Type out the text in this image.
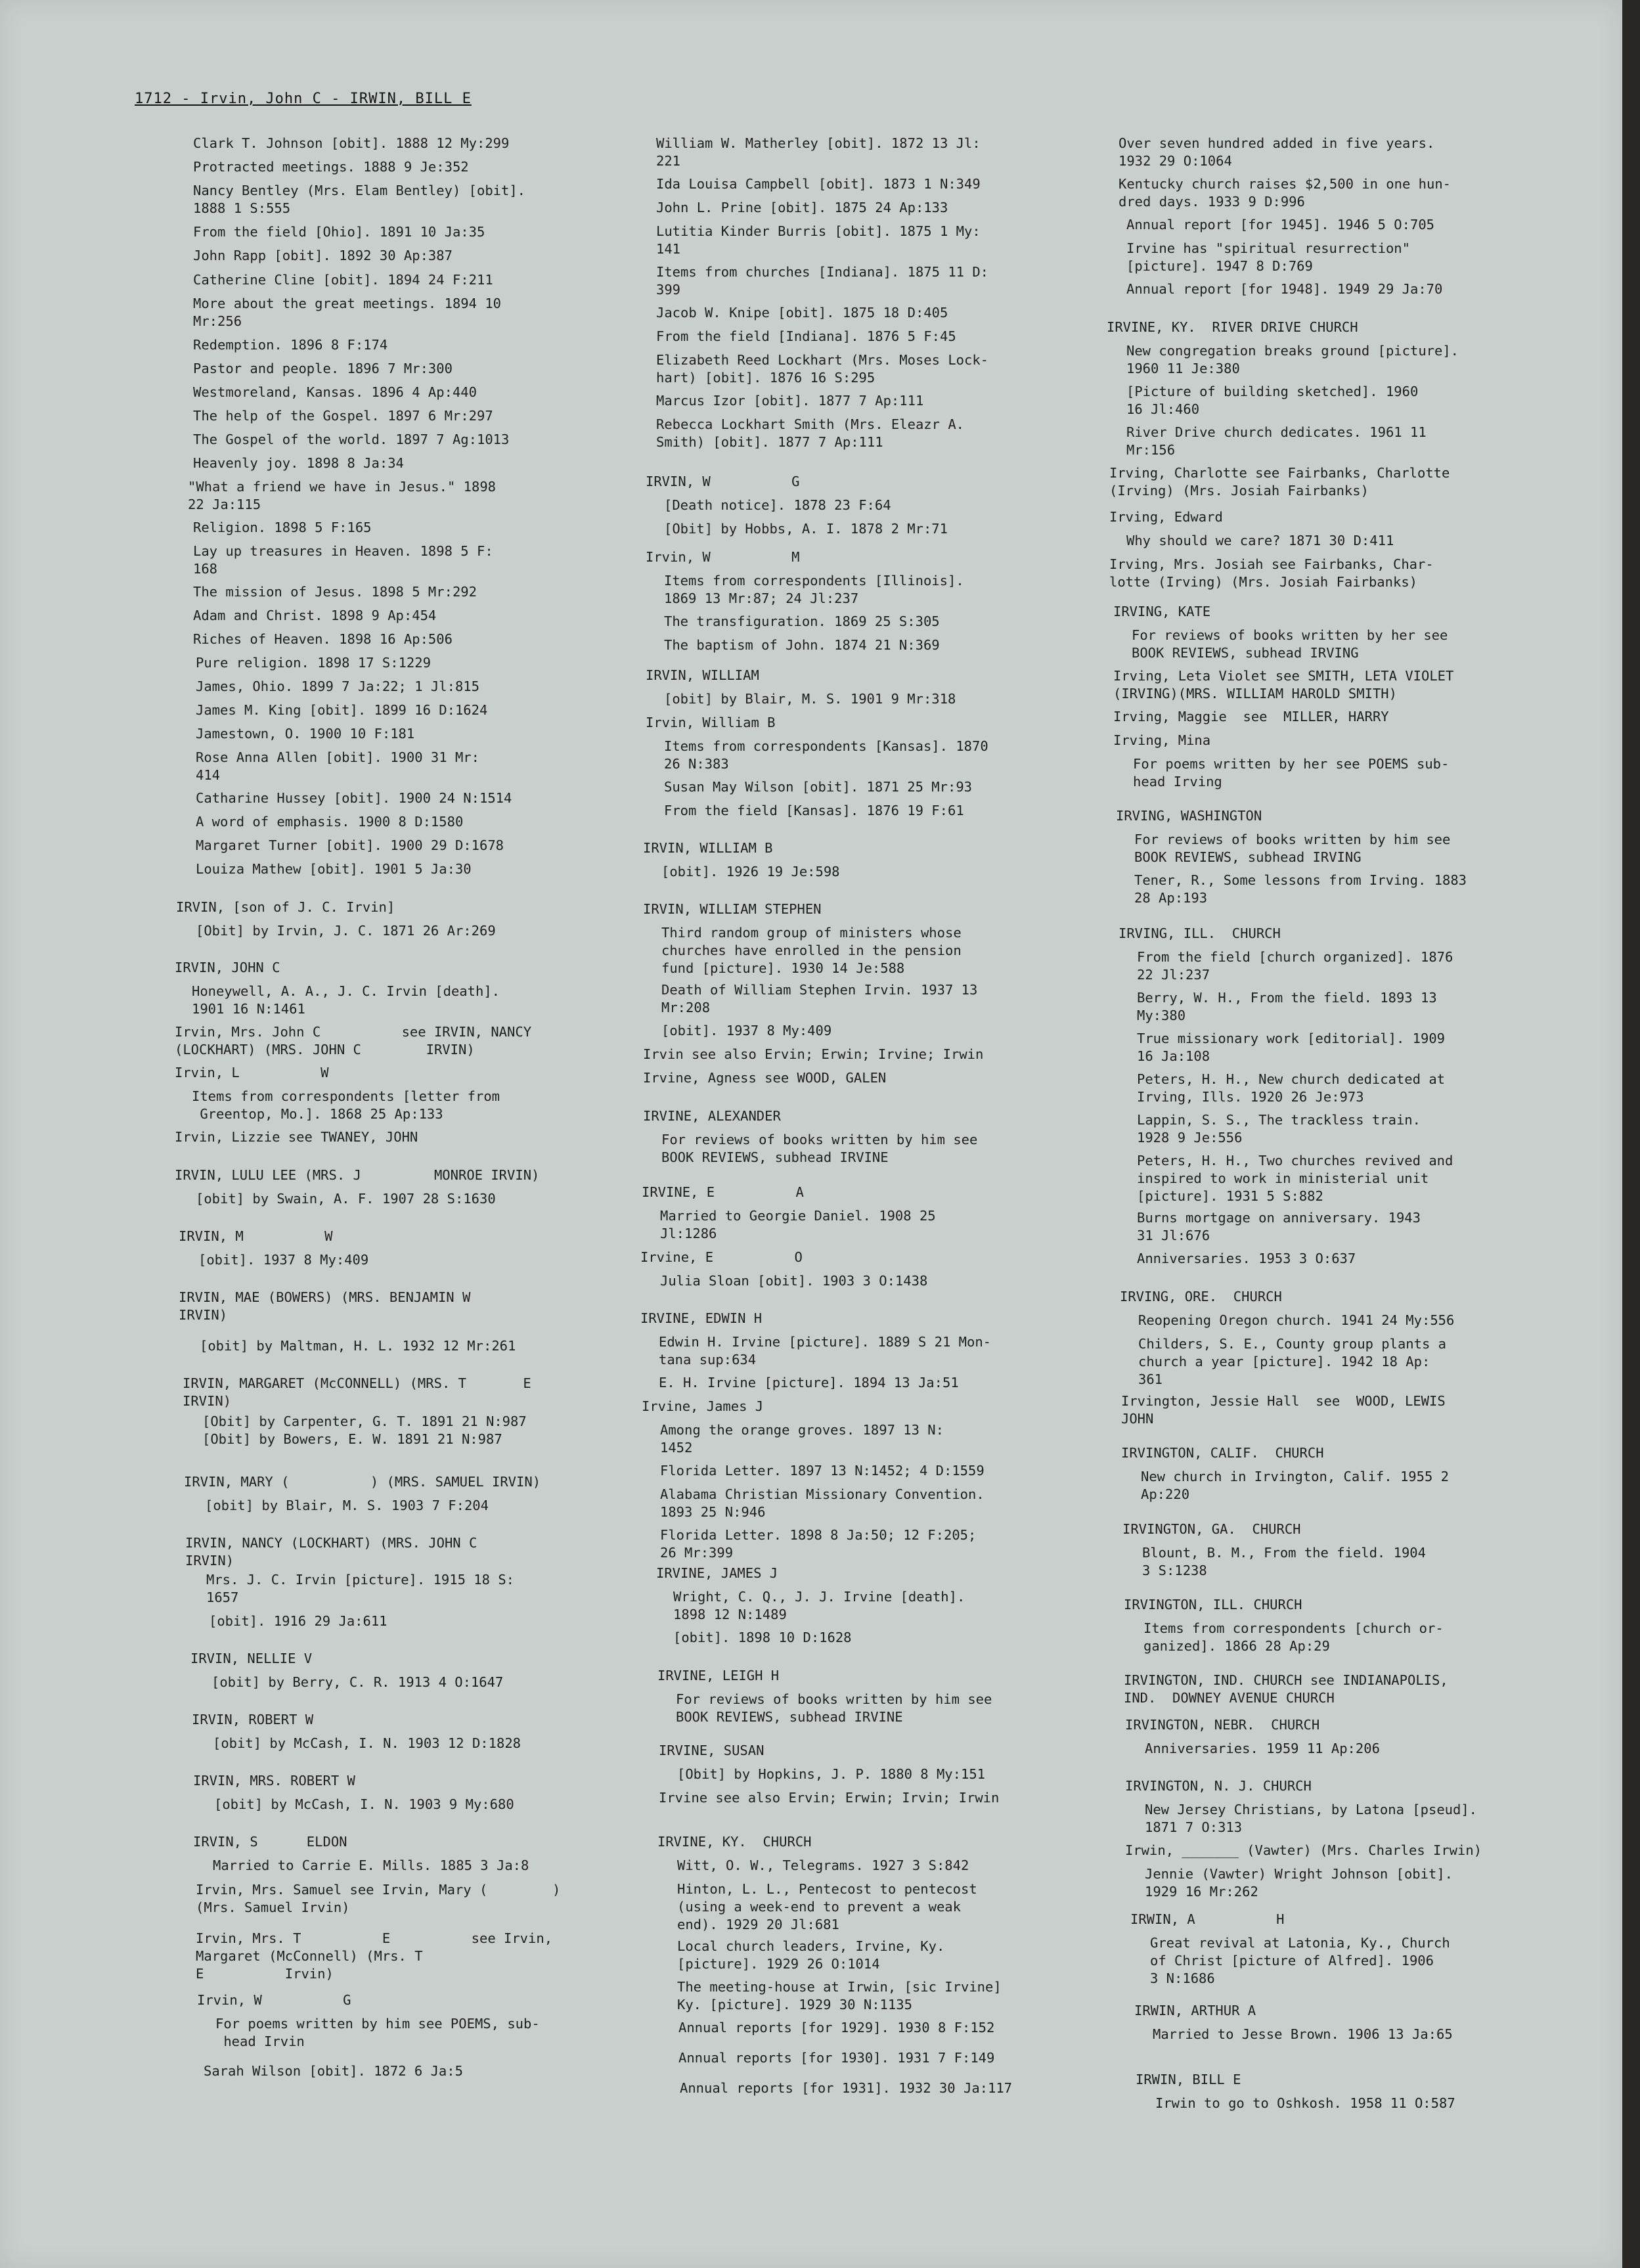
1712 - Irvin, John C - IRWIN, BILL E
Clark T. Johnson [obit]. 1888 12 My:299
Protracted meetings. 1888 9 Je:352
Nancy Bentley (Mrs. Elam Bentley) [obit].
1888 1 S:555
From the field [Ohio]. 1891 10 Ja:35
John Rapp [obit]. 1892 30 Ap:387
Catherine Cline [obit]. 1894 24 F:211
More about the great meetings. 1894 10
Mr:256
Redemption. 1896 8 F:174
Pastor and people. 1896 7 Mr:300
Westmoreland, Kansas. 1896 4 Ap:440
The help of the Gospel. 1897 6 Mr:297
The Gospel of the world. 1897 7 Ag:1013
Heavenly joy. 1898 8 Ja:34
"What a friend we have in Jesus." 1898
22 Ja:115
Religion. 1898 5 F:165
Lay up treasures in Heaven. 1898 5 F:
168
The mission of Jesus. 1898 5 Mr:292
Adam and Christ. 1898 9 Ap:454
Riches of Heaven. 1898 16 Ap:506
Pure religion. 1898 17 S:1229
James, Ohio. 1899 7 Ja:22; 1 Jl:815
James M. King [obit]. 1899 16 D:1624
Jamestown, O. 1900 10 F:181
Rose Anna Allen [obit]. 1900 31 Mr:
414
Catharine Hussey [obit]. 1900 24 N:1514
A word of emphasis. 1900 8 D:1580
Margaret Turner [obit]. 1900 29 D:1678
Louiza Mathew [obit]. 1901 5 Ja:30
IRVIN, [son of J. C. Irvin]
[Obit] by Irvin, J. C. 1871 26 Ar:269
IRVIN, JOHN C
Honeywell, A. A., J. C. Irvin [death].
1901 16 N:1461
Irvin, Mrs. John C          see IRVIN, NANCY
(LOCKHART) (MRS. JOHN C        IRVIN)
Irvin, L          W
Items from correspondents [letter from
Greentop, Mo.]. 1868 25 Ap:133
Irvin, Lizzie see TWANEY, JOHN
IRVIN, LULU LEE (MRS. J         MONROE IRVIN)
[obit] by Swain, A. F. 1907 28 S:1630
IRVIN, M          W
[obit]. 1937 8 My:409
IRVIN, MAE (BOWERS) (MRS. BENJAMIN W
IRVIN)
[obit] by Maltman, H. L. 1932 12 Mr:261
IRVIN, MARGARET (McCONNELL) (MRS. T       E
IRVIN)
[Obit] by Carpenter, G. T. 1891 21 N:987
[Obit] by Bowers, E. W. 1891 21 N:987
IRVIN, MARY (          ) (MRS. SAMUEL IRVIN)
[obit] by Blair, M. S. 1903 7 F:204
IRVIN, NANCY (LOCKHART) (MRS. JOHN C
IRVIN)
Mrs. J. C. Irvin [picture]. 1915 18 S:
1657
[obit]. 1916 29 Ja:611
IRVIN, NELLIE V
[obit] by Berry, C. R. 1913 4 O:1647
IRVIN, ROBERT W
[obit] by McCash, I. N. 1903 12 D:1828
IRVIN, MRS. ROBERT W
[obit] by McCash, I. N. 1903 9 My:680
IRVIN, S      ELDON
Married to Carrie E. Mills. 1885 3 Ja:8
Irvin, Mrs. Samuel see Irvin, Mary (        )
(Mrs. Samuel Irvin)
Irvin, Mrs. T          E          see Irvin,
Margaret (McConnell) (Mrs. T
E          Irvin)
Irvin, W          G
For poems written by him see POEMS, sub-
head Irvin
Sarah Wilson [obit]. 1872 6 Ja:5
William W. Matherley [obit]. 1872 13 Jl:
221
Ida Louisa Campbell [obit]. 1873 1 N:349
John L. Prine [obit]. 1875 24 Ap:133
Lutitia Kinder Burris [obit]. 1875 1 My:
141
Items from churches [Indiana]. 1875 11 D:
399
Jacob W. Knipe [obit]. 1875 18 D:405
From the field [Indiana]. 1876 5 F:45
Elizabeth Reed Lockhart (Mrs. Moses Lock-
hart) [obit]. 1876 16 S:295
Marcus Izor [obit]. 1877 7 Ap:111
Rebecca Lockhart Smith (Mrs. Eleazr A.
Smith) [obit]. 1877 7 Ap:111
IRVIN, W          G
[Death notice]. 1878 23 F:64
[Obit] by Hobbs, A. I. 1878 2 Mr:71
Irvin, W          M
Items from correspondents [Illinois].
1869 13 Mr:87; 24 Jl:237
The transfiguration. 1869 25 S:305
The baptism of John. 1874 21 N:369
IRVIN, WILLIAM
[obit] by Blair, M. S. 1901 9 Mr:318
Irvin, William B
Items from correspondents [Kansas]. 1870
26 N:383
Susan May Wilson [obit]. 1871 25 Mr:93
From the field [Kansas]. 1876 19 F:61
IRVIN, WILLIAM B
[obit]. 1926 19 Je:598
IRVIN, WILLIAM STEPHEN
Third random group of ministers whose
churches have enrolled in the pension
fund [picture]. 1930 14 Je:588
Death of William Stephen Irvin. 1937 13
Mr:208
[obit]. 1937 8 My:409
Irvin see also Ervin; Erwin; Irvine; Irwin
Irvine, Agness see WOOD, GALEN
IRVINE, ALEXANDER
For reviews of books written by him see
BOOK REVIEWS, subhead IRVINE
IRVINE, E          A
Married to Georgie Daniel. 1908 25
Jl:1286
Irvine, E          O
Julia Sloan [obit]. 1903 3 O:1438
IRVINE, EDWIN H
Edwin H. Irvine [picture]. 1889 S 21 Mon-
tana sup:634
E. H. Irvine [picture]. 1894 13 Ja:51
Irvine, James J
Among the orange groves. 1897 13 N:
1452
Florida Letter. 1897 13 N:1452; 4 D:1559
Alabama Christian Missionary Convention.
1893 25 N:946
Florida Letter. 1898 8 Ja:50; 12 F:205;
26 Mr:399
IRVINE, JAMES J
Wright, C. Q., J. J. Irvine [death].
1898 12 N:1489
[obit]. 1898 10 D:1628
IRVINE, LEIGH H
For reviews of books written by him see
BOOK REVIEWS, subhead IRVINE
IRVINE, SUSAN
[Obit] by Hopkins, J. P. 1880 8 My:151
Irvine see also Ervin; Erwin; Irvin; Irwin
IRVINE, KY.  CHURCH
Witt, O. W., Telegrams. 1927 3 S:842
Hinton, L. L., Pentecost to pentecost
(using a week-end to prevent a weak
end). 1929 20 Jl:681
Local church leaders, Irvine, Ky.
[picture]. 1929 26 O:1014
The meeting-house at Irwin, [sic Irvine]
Ky. [picture]. 1929 30 N:1135
Annual reports [for 1929]. 1930 8 F:152
Annual reports [for 1930]. 1931 7 F:149
Annual reports [for 1931]. 1932 30 Ja:117
Over seven hundred added in five years.
1932 29 O:1064
Kentucky church raises $2,500 in one hun-
dred days. 1933 9 D:996
Annual report [for 1945]. 1946 5 O:705
Irvine has "spiritual resurrection"
[picture]. 1947 8 D:769
Annual report [for 1948]. 1949 29 Ja:70
IRVINE, KY.  RIVER DRIVE CHURCH
New congregation breaks ground [picture].
1960 11 Je:380
[Picture of building sketched]. 1960
16 Jl:460
River Drive church dedicates. 1961 11
Mr:156
Irving, Charlotte see Fairbanks, Charlotte
(Irving) (Mrs. Josiah Fairbanks)
Irving, Edward
Why should we care? 1871 30 D:411
Irving, Mrs. Josiah see Fairbanks, Char-
lotte (Irving) (Mrs. Josiah Fairbanks)
IRVING, KATE
For reviews of books written by her see
BOOK REVIEWS, subhead IRVING
Irving, Leta Violet see SMITH, LETA VIOLET
(IRVING)(MRS. WILLIAM HAROLD SMITH)
Irving, Maggie  see  MILLER, HARRY
Irving, Mina
For poems written by her see POEMS sub-
head Irving
IRVING, WASHINGTON
For reviews of books written by him see
BOOK REVIEWS, subhead IRVING
Tener, R., Some lessons from Irving. 1883
28 Ap:193
IRVING, ILL.  CHURCH
From the field [church organized]. 1876
22 Jl:237
Berry, W. H., From the field. 1893 13
My:380
True missionary work [editorial]. 1909
16 Ja:108
Peters, H. H., New church dedicated at
Irving, Ills. 1920 26 Je:973
Lappin, S. S., The trackless train.
1928 9 Je:556
Peters, H. H., Two churches revived and
inspired to work in ministerial unit
[picture]. 1931 5 S:882
Burns mortgage on anniversary. 1943
31 Jl:676
Anniversaries. 1953 3 O:637
IRVING, ORE.  CHURCH
Reopening Oregon church. 1941 24 My:556
Childers, S. E., County group plants a
church a year [picture]. 1942 18 Ap:
361
Irvington, Jessie Hall  see  WOOD, LEWIS
JOHN
IRVINGTON, CALIF.  CHURCH
New church in Irvington, Calif. 1955 2
Ap:220
IRVINGTON, GA.  CHURCH
Blount, B. M., From the field. 1904
3 S:1238
IRVINGTON, ILL. CHURCH
Items from correspondents [church or-
ganized]. 1866 28 Ap:29
IRVINGTON, IND. CHURCH see INDIANAPOLIS,
IND.  DOWNEY AVENUE CHURCH
IRVINGTON, NEBR.  CHURCH
Anniversaries. 1959 11 Ap:206
IRVINGTON, N. J. CHURCH
New Jersey Christians, by Latona [pseud].
1871 7 O:313
Irwin, _______ (Vawter) (Mrs. Charles Irwin)
Jennie (Vawter) Wright Johnson [obit].
1929 16 Mr:262
IRWIN, A          H
Great revival at Latonia, Ky., Church
of Christ [picture of Alfred]. 1906
3 N:1686
IRWIN, ARTHUR A
Married to Jesse Brown. 1906 13 Ja:65
IRWIN, BILL E
Irwin to go to Oshkosh. 1958 11 O:587
